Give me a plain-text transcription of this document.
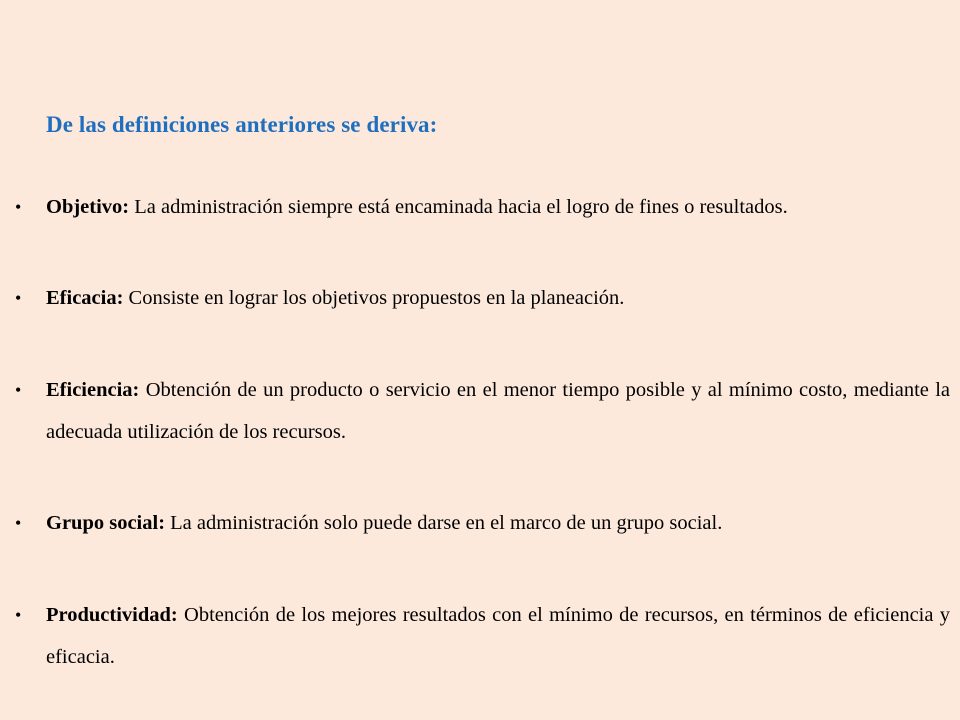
De las definiciones anteriores se deriva:
• Objetivo: La administración siempre está encaminada hacia el logro de fines o resultados.
• Eficacia: Consiste en lograr los objetivos propuestos en la planeación.
• Eficiencia: Obtención de un producto o servicio en el menor tiempo posible y al mínimo costo, mediante la adecuada utilización de los recursos.
• Grupo social: La administración solo puede darse en el marco de un grupo social.
• Productividad: Obtención de los mejores resultados con el mínimo de recursos, en términos de eficiencia y eficacia.
